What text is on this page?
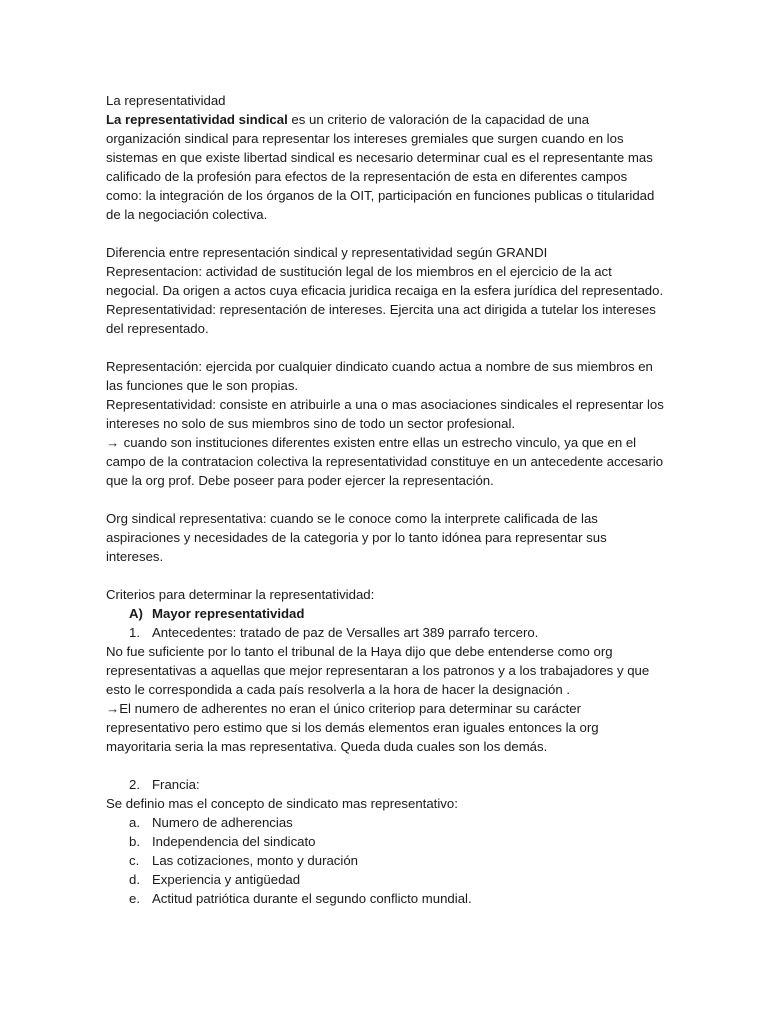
La representatividad

La representatividad sindical es un criterio de valoración de la capacidad de una organización sindical para representar los intereses gremiales que surgen cuando en los sistemas en que existe libertad sindical es necesario determinar cual es el representante mas calificado de la profesión para efectos de la representación de esta en diferentes campos como: la integración de los órganos de la OIT, participación en funciones publicas o titularidad de la negociación colectiva.

Diferencia entre representación sindical y representatividad según GRANDI

Representacion: actividad de sustitución legal de los miembros en el ejercicio de la act negocial. Da origen a actos cuya eficacia juridica recaiga en la esfera jurídica del representado.

Representatividad: representación de intereses. Ejercita una act dirigida a tutelar los intereses del representado.

Representación: ejercida por cualquier dindicato cuando actua a nombre de sus miembros en las funciones que le son propias.

Representatividad: consiste en atribuirle a una o mas asociaciones sindicales el representar los intereses no solo de sus miembros sino de todo un sector profesional.

→ cuando son instituciones diferentes existen entre ellas un estrecho vinculo, ya que en el campo de la contratacion colectiva la representatividad constituye en un antecedente accesario que la org prof. Debe poseer para poder ejercer la representación.

Org sindical representativa: cuando se le conoce como la interprete calificada de las aspiraciones y necesidades de la categoria y por lo tanto idónea para representar sus intereses.

Criterios para determinar la representatividad:

A) Mayor representatividad
1. Antecedentes: tratado de paz de Versalles art 389 parrafo tercero.

No fue suficiente por lo tanto el tribunal de la Haya dijo que debe entenderse como org representativas a aquellas que mejor representaran a los patronos y a los trabajadores y que esto le correspondida a cada país resolverla a la hora de hacer la designación .

→El numero de adherentes no eran el único criteriop para determinar su carácter representativo pero estimo que si los demás elementos eran iguales entonces la org mayoritaria seria la mas representativa. Queda duda cuales son los demás.

2. Francia:

Se definio mas el concepto de sindicato mas representativo:

a. Numero de adherencias
b. Independencia del sindicato
c. Las cotizaciones, monto y duración
d. Experiencia y antigüedad
e. Actitud patriótica durante el segundo conflicto mundial.
